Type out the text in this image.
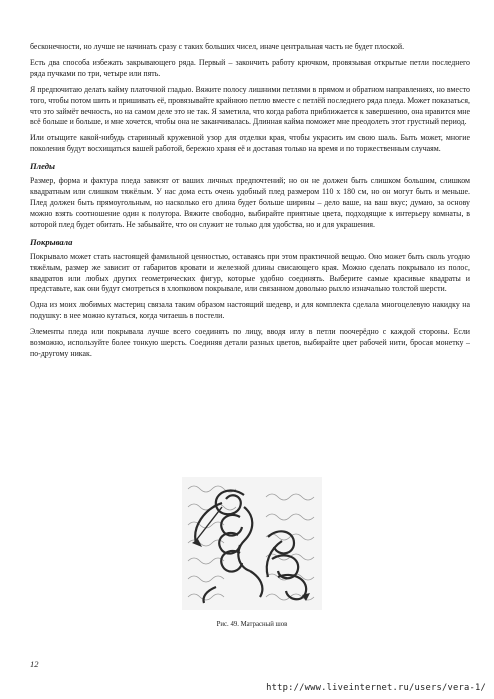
бесконечности, но лучше не начинать сразу с таких больших чисел, иначе центральная часть не будет плоской.

Есть два способа избежать закрывающего ряда. Первый – закончить работу крючком, провязывая открытые петли последнего ряда пучками по три, четыре или пять.

Я предпочитаю делать кайму платочной гладью. Вяжите полосу лишними петлями в прямом и обратном направлениях, но вместо того, чтобы потом шить и пришивать её, провязывайте крайнюю петлю вместе с петлёй последнего ряда пледа. Может показаться, что это займёт вечность, но на самом деле это не так. Я заметила, что когда работа приближается к завершению, она нравится мне всё больше и больше, и мне хочется, чтобы она не заканчивалась. Длинная кайма поможет мне преодолеть этот грустный период.

Или отыщите какой-нибудь старинный кружевной узор для отделки края, чтобы украсить им свою шаль. Быть может, многие поколения будут восхищаться вашей работой, бережно храня её и доставая только на время и по торжественным случаям.

Пледы

Размер, форма и фактура пледа зависят от ваших личных предпочтений; но он не должен быть слишком большим, слишком квадратным или слишком тяжёлым. У нас дома есть очень удобный плед размером 110 х 180 см, но он могут быть и меньше. Плед должен быть прямоугольным, но насколько его длина будет больше ширины – дело ваше, на ваш вкус; думаю, за основу можно взять соотношение один к полутора. Вяжите свободно, выбирайте приятные цвета, подходящие к интерьеру комнаты, в которой плед будет обитать. Не забывайте, что он служит не только для удобства, но и для украшения.

Покрывала

Покрывало может стать настоящей фамильной ценностью, оставаясь при этом практичной вещью. Оно может быть сколь угодно тяжёлым, размер же зависит от габаритов кровати и железной длины свисающего края. Можно сделать покрывало из полос, квадратов или любых других геометрических фигур, которые удобно соединять. Выберите самые красивые квадраты и представьте, как они будут смотреться в хлопковом покрывале, или связанном довольно рыхло изначально толстой шерсти.

Одна из моих любимых мастериц связала таким образом настоящий шедевр, и для комплекта сделала многоцелевую накидку на подушку: в нее можно кутаться, когда читаешь в постели.

Элементы пледа или покрывала лучше всего соединять по лицу, вводя иглу в петли поочерёдно с каждой стороны. Если возможно, используйте более тонкую шерсть. Соединяя детали разных цветов, выбирайте цвет рабочей нити, бросая монетку – по-другому никак.

Рис. 49. Матрасный шов
12
http://www.liveinternet.ru/users/vera-1/
